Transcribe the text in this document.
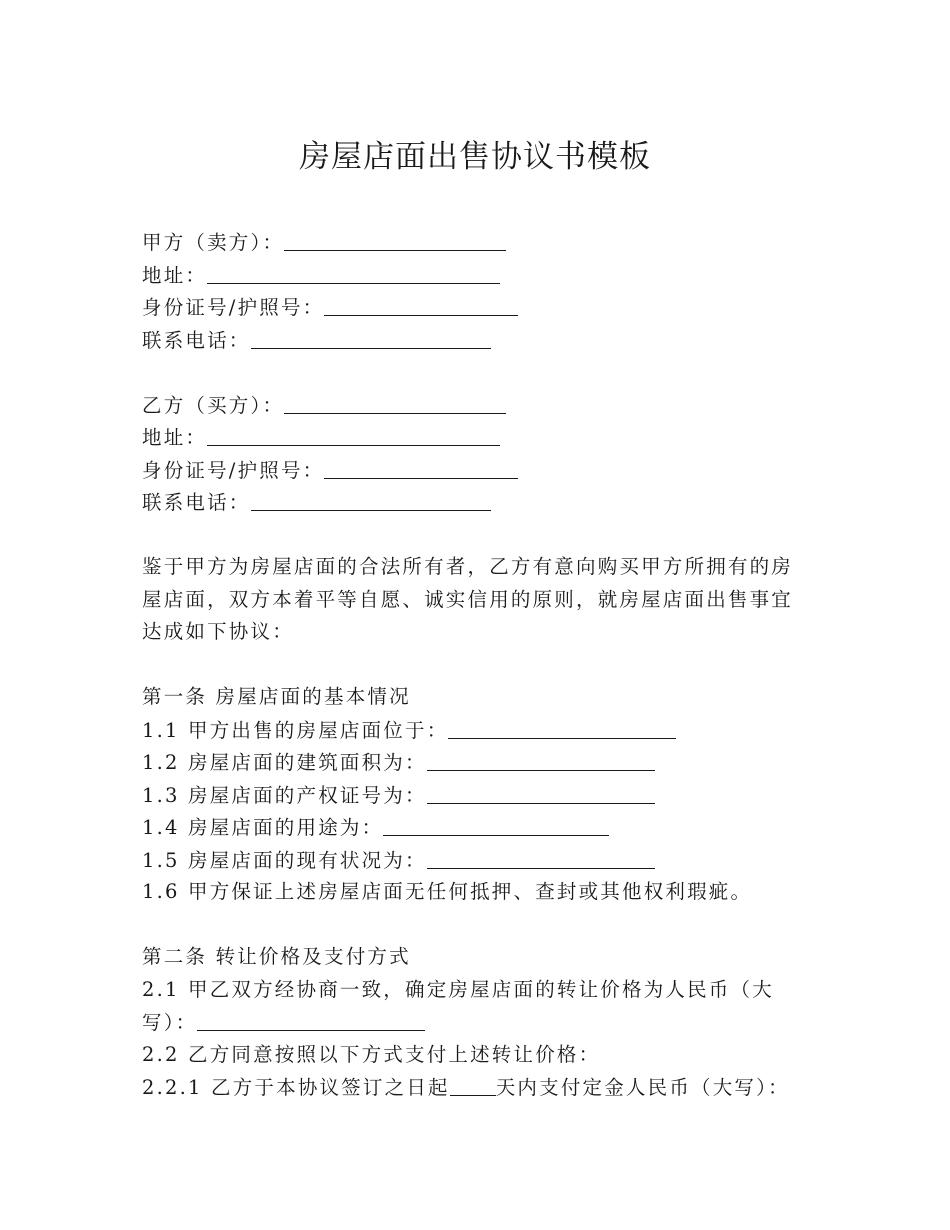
房屋店面出售协议书模板
甲方（卖方）：
地址：
身份证号/护照号：
联系电话：
乙方（买方）：
地址：
身份证号/护照号：
联系电话：
鉴于甲方为房屋店面的合法所有者，乙方有意向购买甲方所拥有的房
屋店面，双方本着平等自愿、诚实信用的原则，就房屋店面出售事宜
达成如下协议：
第一条 房屋店面的基本情况
1.1 甲方出售的房屋店面位于：
1.2 房屋店面的建筑面积为：
1.3 房屋店面的产权证号为：
1.4 房屋店面的用途为：
1.5 房屋店面的现有状况为：
1.6 甲方保证上述房屋店面无任何抵押、查封或其他权利瑕疵。
第二条 转让价格及支付方式
2.1 甲乙双方经协商一致，确定房屋店面的转让价格为人民币（大
写）：
2.2 乙方同意按照以下方式支付上述转让价格：
2.2.1 乙方于本协议签订之日起 天内支付定金人民币（大写）：
